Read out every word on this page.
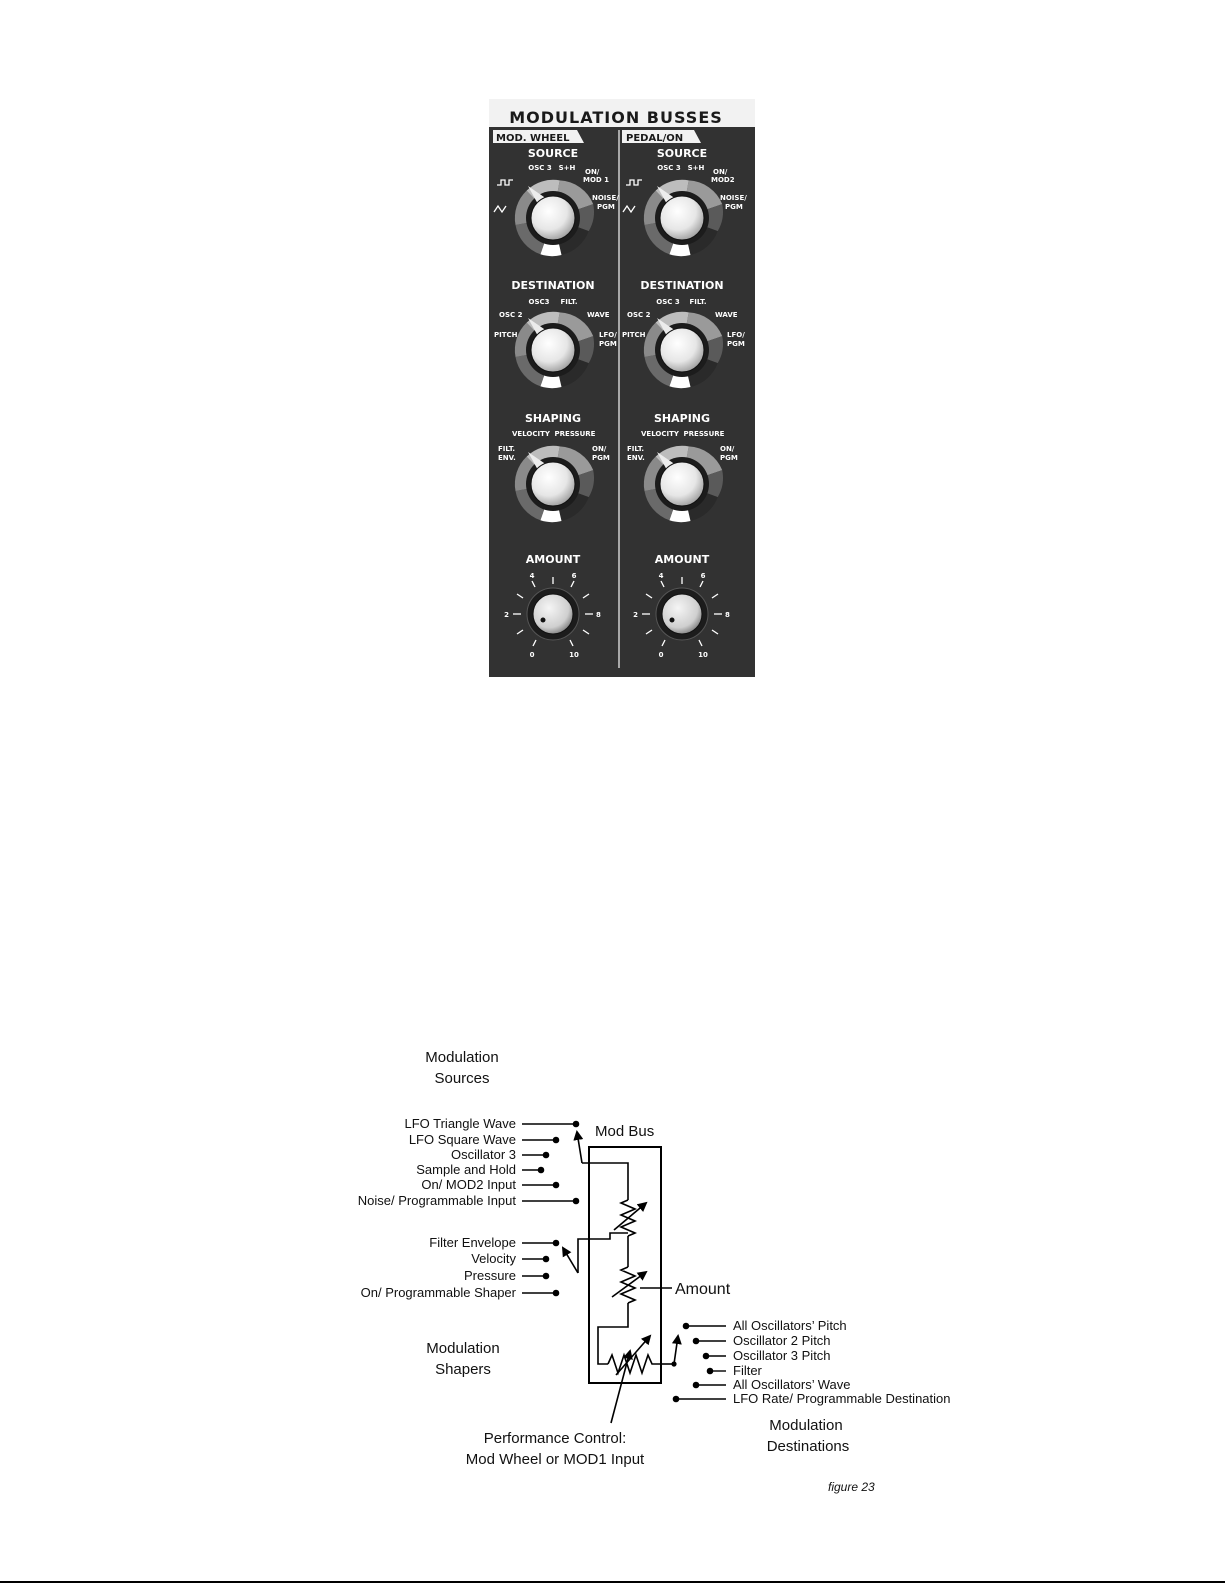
MODULATION BUSSES
MOD. WHEEL
SOURCE
OSC 3 S+H ON/
MOD 1
NOISE/
PGM
DESTINATION
OSC3 FILT.
OSC 2	WAVE
PITCH	LFO/
PGM
SHAPING
VELOCITY PRESSURE
FILT.
ENV.
ON/
PGM
AMOUNT
0
2
4	6
8
10
PEDAL/ON
SOURCE
OSC 3 S+H ON/
MOD2
NOISE/
PGM
DESTINATION
OSC 3 FILT.
OSC 2	WAVE
PITCH	LFO/
PGM
SHAPING
VELOCITY PRESSURE
FILT.
ENV.
ON/
PGM
AMOUNT
0
2
4	6
8
10
Modulation
Sources
LFO Triangle Wave
LFO Square Wave
Oscillator 3
Sample and Hold
On/ MOD2 Input
Noise/ Programmable Input
Filter Envelope
Velocity
Pressure
On/ Programmable Shaper
Modulation
Shapers
Mod Bus
Amount
All Oscillators’ Pitch
Oscillator 2 Pitch
Oscillator 3 Pitch
Filter
All Oscillators’ Wave
LFO Rate/ Programmable Destination
Modulation
Destinations
Performance Control:
Mod Wheel or MOD1 Input
figure 23
